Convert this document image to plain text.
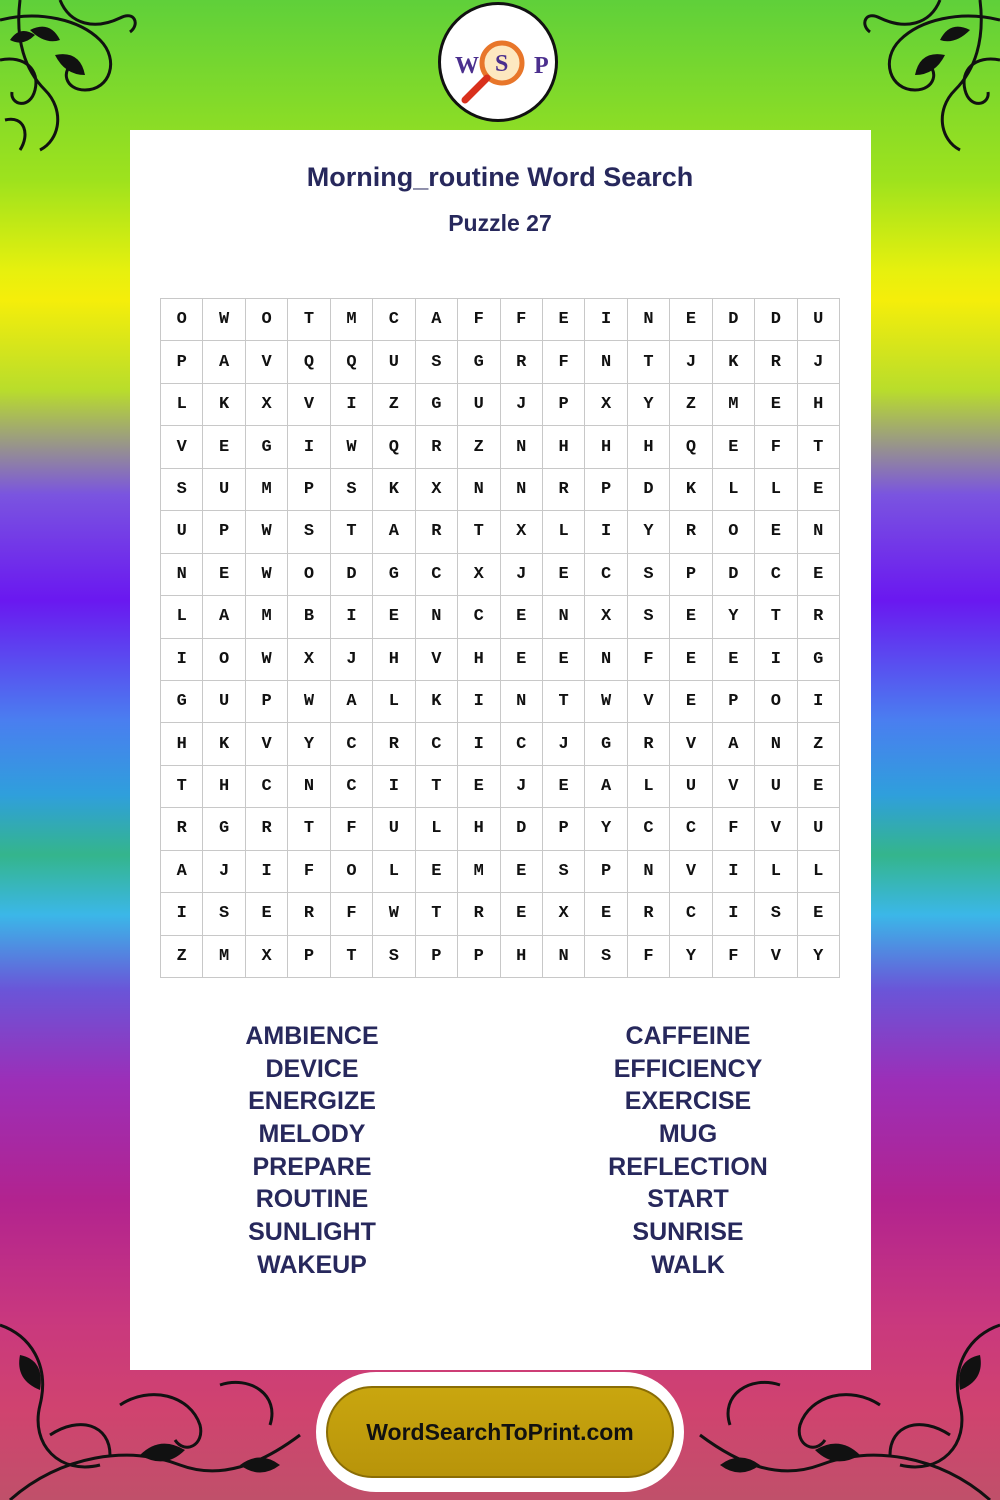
W S P
Morning_routine Word Search
Puzzle 27
O	W	O	T	M	C	A	F	F	E	I	N	E	D	D	U
P	A	V	Q	Q	U	S	G	R	F	N	T	J	K	R	J
L	K	X	V	I	Z	G	U	J	P	X	Y	Z	M	E	H
V	E	G	I	W	Q	R	Z	N	H	H	H	Q	E	F	T
S	U	M	P	S	K	X	N	N	R	P	D	K	L	L	E
U	P	W	S	T	A	R	T	X	L	I	Y	R	O	E	N
N	E	W	O	D	G	C	X	J	E	C	S	P	D	C	E
L	A	M	B	I	E	N	C	E	N	X	S	E	Y	T	R
I	O	W	X	J	H	V	H	E	E	N	F	E	E	I	G
G	U	P	W	A	L	K	I	N	T	W	V	E	P	O	I
H	K	V	Y	C	R	C	I	C	J	G	R	V	A	N	Z
T	H	C	N	C	I	T	E	J	E	A	L	U	V	U	E
R	G	R	T	F	U	L	H	D	P	Y	C	C	F	V	U
A	J	I	F	O	L	E	M	E	S	P	N	V	I	L	L
I	S	E	R	F	W	T	R	E	X	E	R	C	I	S	E
Z	M	X	P	T	S	P	P	H	N	S	F	Y	F	V	Y
AMBIENCE
DEVICE
ENERGIZE
MELODY
PREPARE
ROUTINE
SUNLIGHT
WAKEUP
CAFFEINE
EFFICIENCY
EXERCISE
MUG
REFLECTION
START
SUNRISE
WALK
WordSearchToPrint.com
